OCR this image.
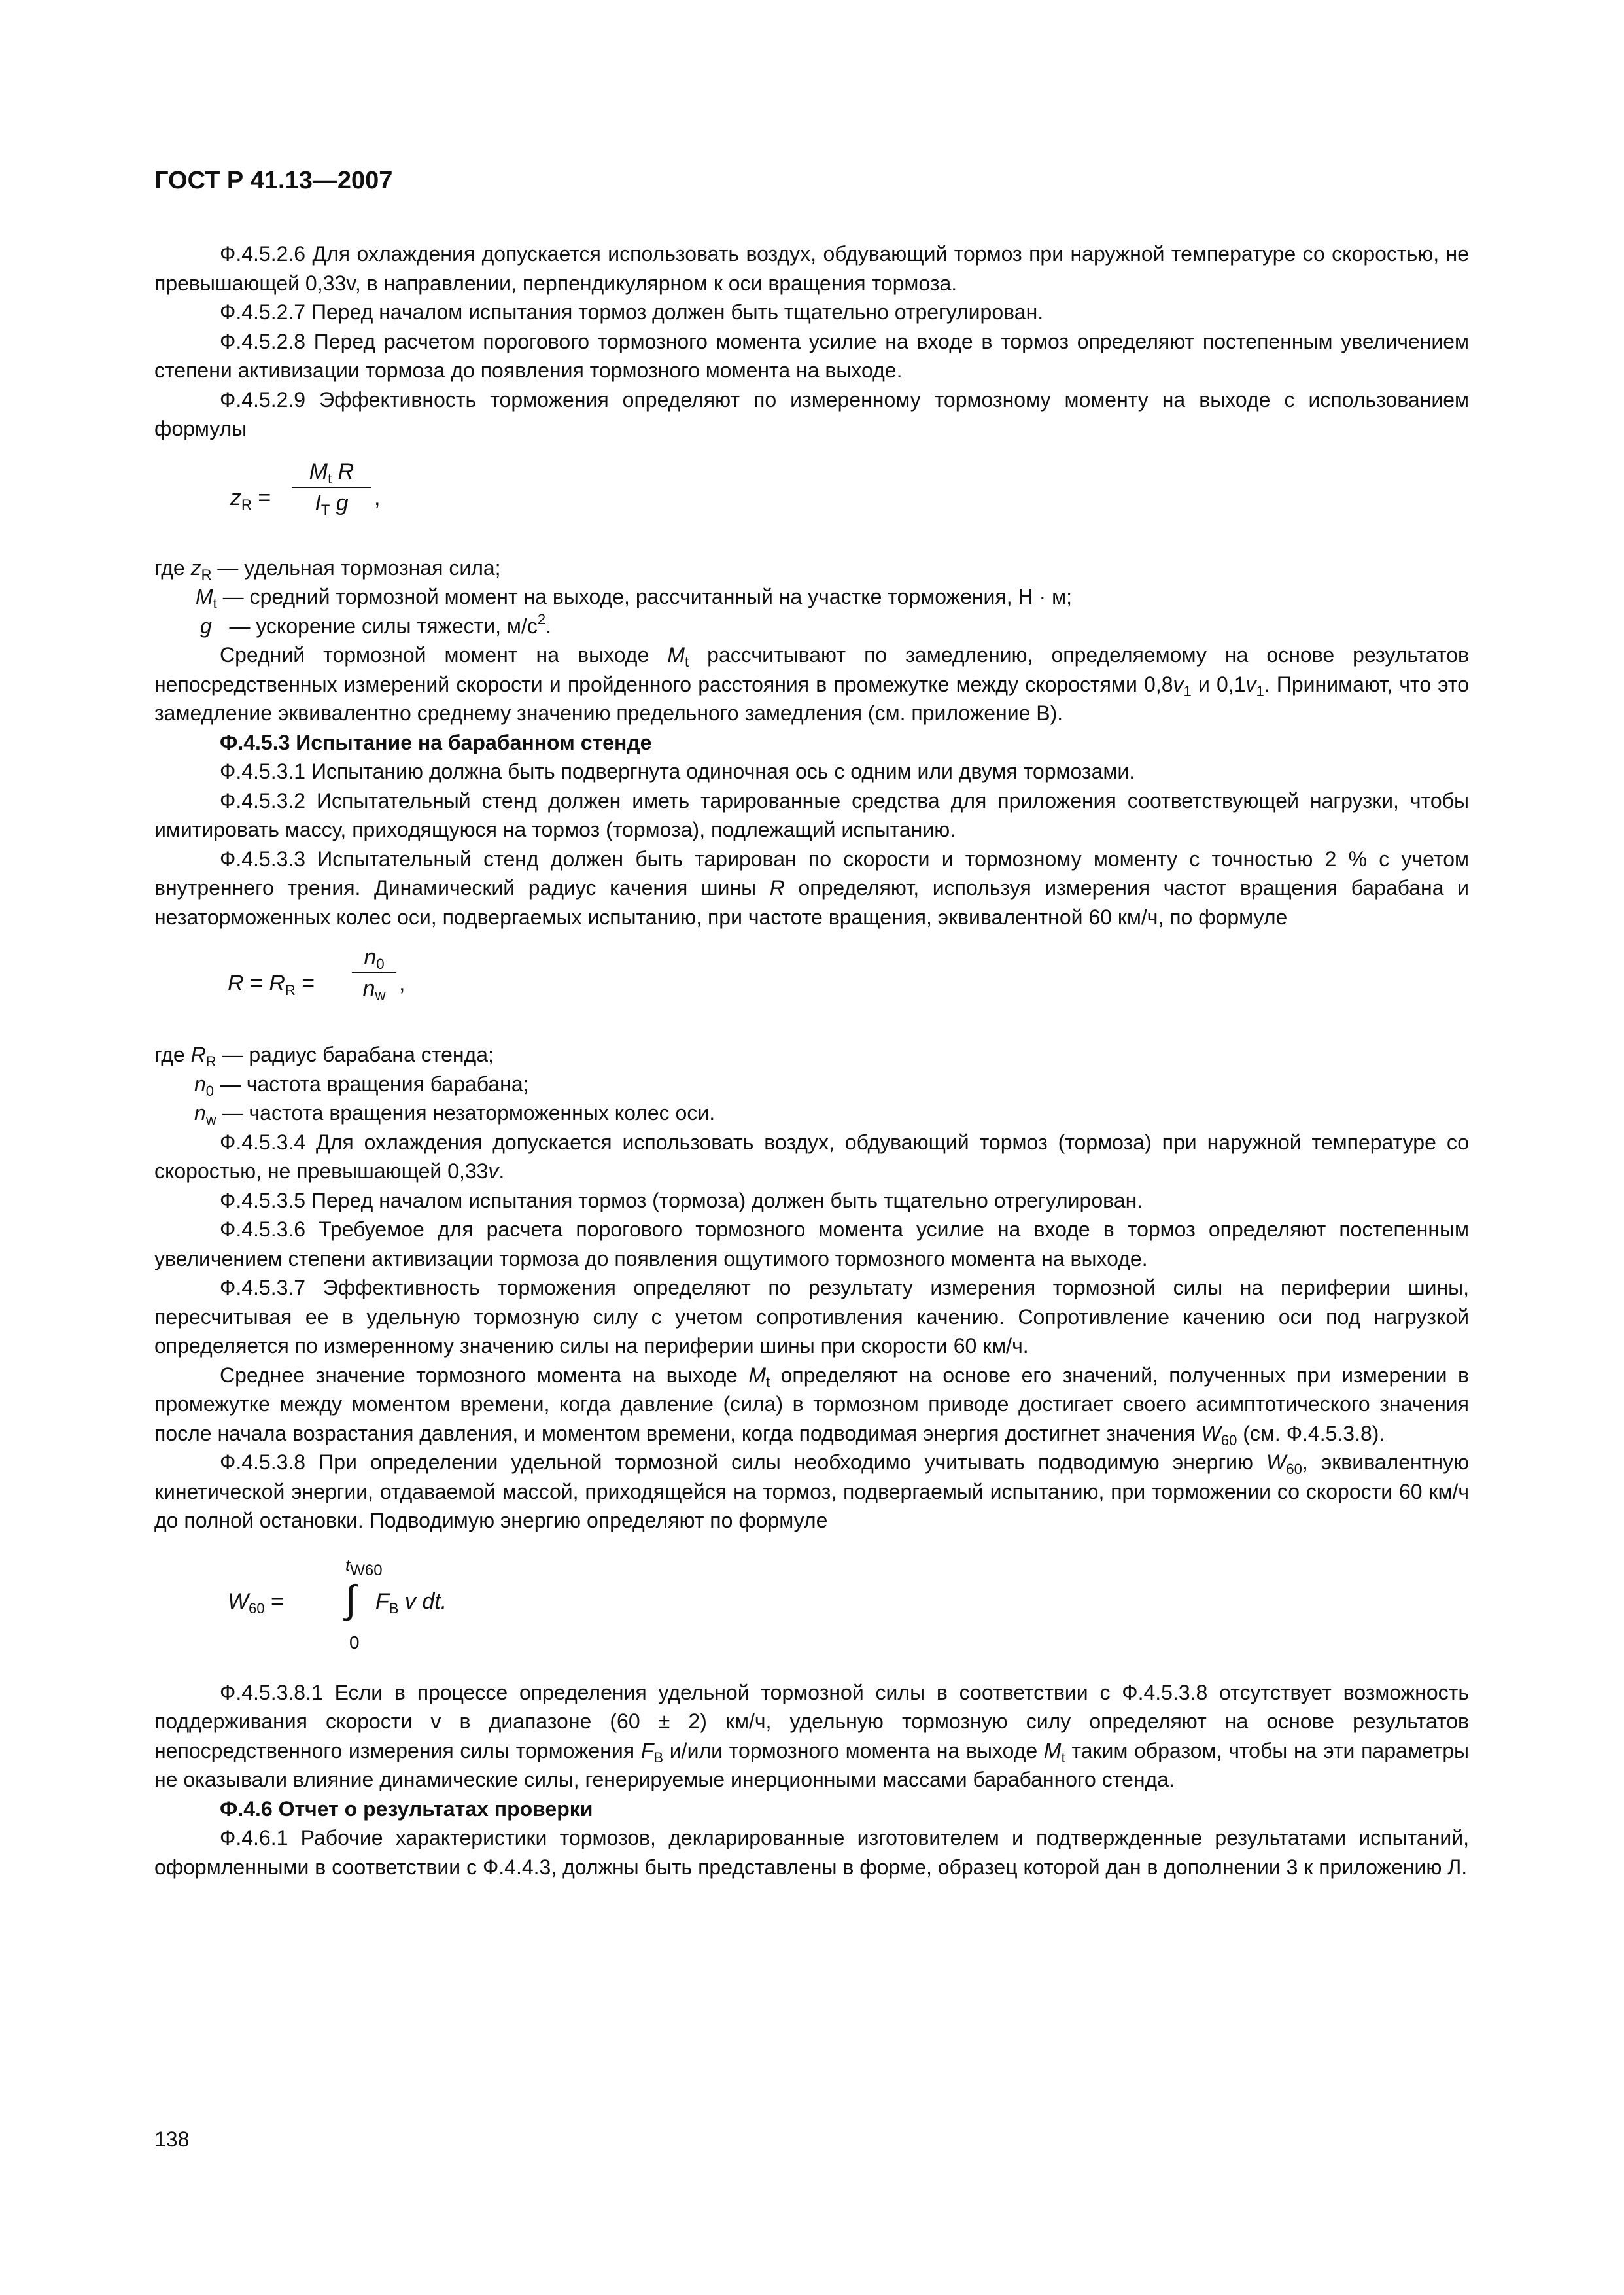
ГОСТ Р 41.13—2007

Ф.4.5.2.6 Для охлаждения допускается использовать воздух, обдувающий тормоз при наружной температуре со скоростью, не превышающей 0,33v, в направлении, перпендикулярном к оси вращения тормоза.

Ф.4.5.2.7 Перед началом испытания тормоз должен быть тщательно отрегулирован.

Ф.4.5.2.8 Перед расчетом порогового тормозного момента усилие на входе в тормоз определяют постепенным увеличением степени активизации тормоза до появления тормозного момента на выходе.

Ф.4.5.2.9 Эффективность торможения определяют по измеренному тормозному моменту на выходе с использованием формулы

$z_R$ =
$M_t$ R
$I_T$ g	,

где $z_R$ — удельная тормозная сила;

$M_t$ — средний тормозной момент на выходе, рассчитанный на участке торможения, Н · м;

g — ускорение силы тяжести, $м/с^2$.

Средний тормозной момент на выходе $M_t$ рассчитывают по замедлению, определяемому на основе результатов непосредственных измерений скорости и пройденного расстояния в промежутке между скоростями $0,8v_1$ и $0,1v_1$. Принимают, что это замедление эквивалентно среднему значению предельного замедления (см. приложение В).

Ф.4.5.3 Испытание на барабанном стенде

Ф.4.5.3.1 Испытанию должна быть подвергнута одиночная ось с одним или двумя тормозами.

Ф.4.5.3.2 Испытательный стенд должен иметь тарированные средства для приложения соответствующей нагрузки, чтобы имитировать массу, приходящуюся на тормоз (тормоза), подлежащий испытанию.

Ф.4.5.3.3 Испытательный стенд должен быть тарирован по скорости и тормозному моменту с точностью 2 % с учетом внутреннего трения. Динамический радиус качения шины R определяют, используя измерения частот вращения барабана и незаторможенных колес оси, подвергаемых испытанию, при частоте вращения, эквивалентной 60 км/ч, по формуле

$R = R_R$ =
$n_0$
$n_w$ ,

где $R_R$ — радиус барабана стенда;

$n_0$ — частота вращения барабана;

$n_w$ — частота вращения незаторможенных колес оси.

Ф.4.5.3.4 Для охлаждения допускается использовать воздух, обдувающий тормоз (тормоза) при наружной температуре со скоростью, не превышающей 0,33v.

Ф.4.5.3.5 Перед началом испытания тормоз (тормоза) должен быть тщательно отрегулирован.

Ф.4.5.3.6 Требуемое для расчета порогового тормозного момента усилие на входе в тормоз определяют постепенным увеличением степени активизации тормоза до появления ощутимого тормозного момента на выходе.

Ф.4.5.3.7 Эффективность торможения определяют по результату измерения тормозной силы на периферии шины, пересчитывая ее в удельную тормозную силу с учетом сопротивления качению. Сопротивление качению оси под нагрузкой определяется по измеренному значению силы на периферии шины при скорости 60 км/ч.

Среднее значение тормозного момента на выходе $M_t$ определяют на основе его значений, полученных при измерении в промежутке между моментом времени, когда давление (сила) в тормозном приводе достигает своего асимптотического значения после начала возрастания давления, и моментом времени, когда подводимая энергия достигнет значения $W_{60}$ (см. Ф.4.5.3.8).

Ф.4.5.3.8 При определении удельной тормозной силы необходимо учитывать подводимую энергию $W_{60}$, эквивалентную кинетической энергии, отдаваемой массой, приходящейся на тормоз, подвергаемый испытанию, при торможении со скорости 60 км/ч до полной остановки. Подводимую энергию определяют по формуле

$W_{60}$ =
$t_{W60}$
∫
0
$F_B$ v dt.

Ф.4.5.3.8.1 Если в процессе определения удельной тормозной силы в соответствии с Ф.4.5.3.8 отсутствует возможность поддерживания скорости v в диапазоне (60 ± 2) км/ч, удельную тормозную силу определяют на основе результатов непосредственного измерения силы торможения $F_B$ и/или тормозного момента на выходе $M_t$ таким образом, чтобы на эти параметры не оказывали влияние динамические силы, генерируемые инерционными массами барабанного стенда.

Ф.4.6 Отчет о результатах проверки

Ф.4.6.1 Рабочие характеристики тормозов, декларированные изготовителем и подтвержденные результатами испытаний, оформленными в соответствии с Ф.4.4.3, должны быть представлены в форме, образец которой дан в дополнении 3 к приложению Л.

138
